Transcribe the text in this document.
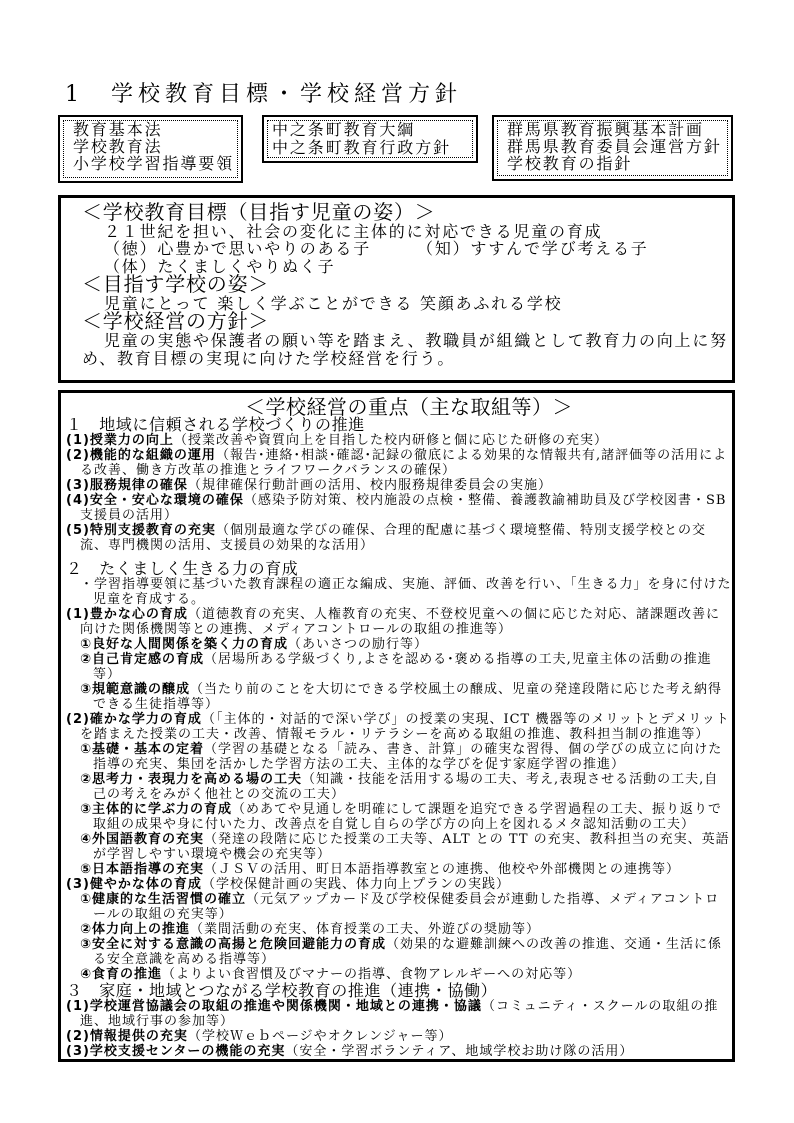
1　学校教育目標・学校経営方針
教育基本法
学校教育法
小学校学習指導要領
中之条町教育大綱
中之条町教育行政方針
群馬県教育振興基本計画
群馬県教育委員会運営方針
学校教育の指針
＜学校教育目標（目指す児童の姿）＞
２１世紀を担い、社会の変化に主体的に対応できる児童の育成
（徳）心豊かで思いやりのある子	（知）すすんで学び考える子
（体）たくましくやりぬく子
＜目指す学校の姿＞
児童にとって 楽しく学ぶことができる 笑顔あふれる学校
＜学校経営の方針＞
児童の実態や保護者の願い等を踏まえ、教職員が組織として教育力の向上に努め、教育目標の実現に向けた学校経営を行う。
＜学校経営の重点（主な取組等）＞
１　地域に信頼される学校づくりの推進
(1)授業力の向上（授業改善や資質向上を目指した校内研修と個に応じた研修の充実）
(2)機能的な組織の運用（報告･連絡･相談･確認･記録の徹底による効果的な情報共有,諸評価等の活用による改善、働き方改革の推進とライフワークバランスの確保）
(3)服務規律の確保（規律確保行動計画の活用、校内服務規律委員会の実施）
(4)安全・安心な環境の確保（感染予防対策、校内施設の点検・整備、養護教諭補助員及び学校図書・SB支援員の活用）
(5)特別支援教育の充実（個別最適な学びの確保、合理的配慮に基づく環境整備、特別支援学校との交流、専門機関の活用、支援員の効果的な活用）
２　たくましく生きる力の育成
・学習指導要領に基づいた教育課程の適正な編成、実施、評価、改善を行い、「生きる力」を身に付けた児童を育成する。
(1)豊かな心の育成（道徳教育の充実、人権教育の充実、不登校児童への個に応じた対応、諸課題改善に向けた関係機関等との連携、メディアコントロールの取組の推進等）
①良好な人間関係を築く力の育成（あいさつの励行等）
②自己肯定感の育成（居場所ある学級づくり,よさを認める･褒める指導の工夫,児童主体の活動の推進等）
③規範意識の醸成（当たり前のことを大切にできる学校風土の醸成、児童の発達段階に応じた考え納得できる生徒指導等）
(2)確かな学力の育成（「主体的・対話的で深い学び」の授業の実現、ICT 機器等のメリットとデメリットを踏まえた授業の工夫・改善、情報モラル・リテラシーを高める取組の推進、教科担当制の推進等）
①基礎・基本の定着（学習の基礎となる「読み、書き、計算」の確実な習得、個の学びの成立に向けた指導の充実、集団を活かした学習方法の工夫、主体的な学びを促す家庭学習の推進）
②思考力・表現力を高める場の工夫（知識・技能を活用する場の工夫、考え,表現させる活動の工夫,自己の考えをみがく他社との交流の工夫）
③主体的に学ぶ力の育成（めあてや見通しを明確にして課題を追究できる学習過程の工夫、振り返りで取組の成果や身に付いた力、改善点を自覚し自らの学び方の向上を図れるメタ認知活動の工夫）
④外国語教育の充実（発達の段階に応じた授業の工夫等、ALT との TT の充実、教科担当の充実、英語が学習しやすい環境や機会の充実等）
⑤日本語指導の充実（ＪＳＶの活用、町日本語指導教室との連携、他校や外部機関との連携等）
(3)健やかな体の育成（学校保健計画の実践、体力向上プランの実践）
①健康的な生活習慣の確立（元気アップカード及び学校保健委員会が連動した指導、メディアコントロールの取組の充実等）
②体力向上の推進（業間活動の充実、体育授業の工夫、外遊びの奨励等）
③安全に対する意識の高揚と危険回避能力の育成（効果的な避難訓練への改善の推進、交通・生活に係る安全意識を高める指導等）
④食育の推進（よりよい食習慣及びマナーの指導、食物アレルギーへの対応等）
３　家庭・地域とつながる学校教育の推進（連携・協働）
(1)学校運営協議会の取組の推進や関係機関・地域との連携・協議（コミュニティ・スクールの取組の推進、地域行事の参加等）
(2)情報提供の充実（学校Ｗｅｂページやオクレンジャー等）
(3)学校支援センターの機能の充実（安全・学習ボランティア、地域学校お助け隊の活用）
